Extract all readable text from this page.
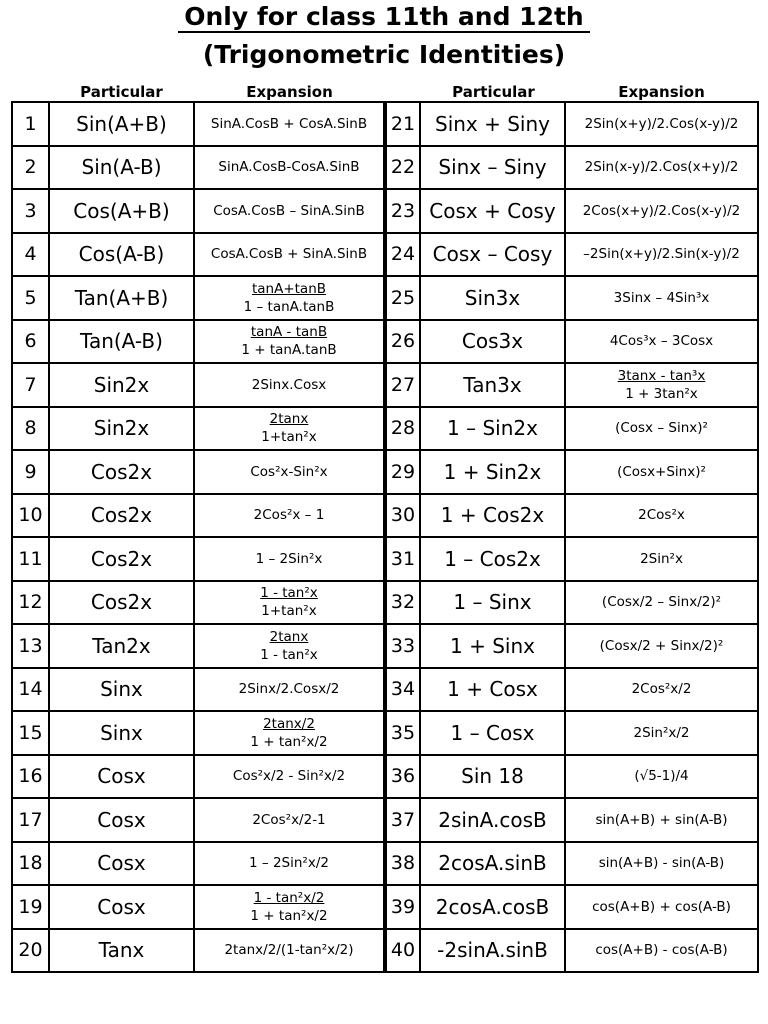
Only for class 11th and 12th
(Trigonometric Identities)
Particular	Expansion	Particular	Expansion
1	Sin(A+B)	SinA.CosB + CosA.SinB	21	Sinx + Siny	2Sin(x+y)/2.Cos(x-y)/2
2	Sin(A-B)	SinA.CosB-CosA.SinB	22	Sinx – Siny	2Sin(x-y)/2.Cos(x+y)/2
3	Cos(A+B)	CosA.CosB – SinA.SinB	23	Cosx + Cosy	2Cos(x+y)/2.Cos(x-y)/2
4	Cos(A-B)	CosA.CosB + SinA.SinB	24	Cosx – Cosy	–2Sin(x+y)/2.Sin(x-y)/2
5	Tan(A+B)	$\frac{\tan A+\tan B}{1 - \tan A.\tan B}$	25	Sin3x	3Sinx – 4Sin³x
6	Tan(A-B)	$\frac{\tan A - \tan B}{1 + \tan A.\tan B}$	26	Cos3x	4Cos³x – 3Cosx
7	Sin2x	2Sinx.Cosx	27	Tan3x	$\frac{\text{3tanx - tan³x}}{\text{1 + 3tan²x}}$

8	Sin2x	$\frac{2\tan x}{\text{1+tan²x}}$	28	1 – Sin2x	(Cosx – Sinx)²
9	Cos2x	Cos²x-Sin²x	29	1 + Sin2x	(Cosx+Sinx)²
10	Cos2x	2Cos²x – 1	30	1 + Cos2x	2Cos²x
11	Cos2x	1 – 2Sin²x	31	1 – Cos2x	2Sin²x
12	Cos2x	$\frac{\text{1 - tan²x}}{\text{1+tan²x}}$	32	1 – Sinx	(Cosx/2 – Sinx/2)²
13	Tan2x	$\frac{2\tan x}{\text{1 - tan²x}}$	33	1 + Sinx	(Cosx/2 + Sinx/2)²
14	Sinx	2Sinx/2.Cosx/2	34	1 + Cosx	2Cos²x/2
15	Sinx	$\frac{2\tan x/2}{\text{1 + tan²x/2}}$	35	1 – Cosx	2Sin²x/2
16	Cosx	Cos²x/2 - Sin²x/2	36	Sin 18	(√5-1)/4
17	Cosx	2Cos²x/2-1	37	2sinA.cosB	sin(A+B) + sin(A-B)
18	Cosx	1 – 2Sin²x/2	38	2cosA.sinB	sin(A+B) - sin(A-B)
19	Cosx	$\frac{\text{1 - tan²x/2}}{\text{1 + tan²x/2}}$	39	2cosA.cosB	cos(A+B) + cos(A-B)
20	Tanx	2tanx/2/(1-tan²x/2)	40	-2sinA.sinB	cos(A+B) - cos(A-B)
